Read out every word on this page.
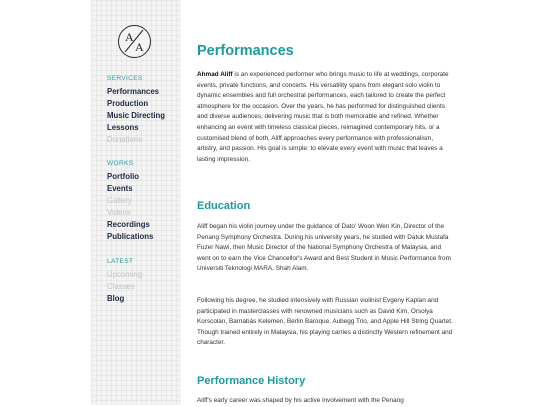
A
A
SERVICES
Performances
Production
Music Directing
Lessons
Donations
WORKS
Portfolio
Events
Gallery
Videos
Recordings
Publications
LATEST
Upcoming
Classes
Blog
Performances

Ahmad Aliff is an experienced performer who brings music to life at weddings, corporate events, private functions, and concerts. His versatility spans from elegant solo violin to dynamic ensembles and full orchestral performances, each tailored to create the perfect atmosphere for the occasion. Over the years, he has performed for distinguished clients and diverse audiences, delivering music that is both memorable and refined. Whether enhancing an event with timeless classical pieces, reimagined contemporary hits, or a customised blend of both, Aliff approaches every performance with professionalism, artistry, and passion. His goal is simple: to elevate every event with music that leaves a lasting impression.

Education

Aliff began his violin journey under the guidance of Dato' Woon Wen Kin, Director of the Penang Symphony Orchestra. During his university years, he studied with Datuk Mustafa Fuzer Nawi, then Music Director of the National Symphony Orchestra of Malaysia, and went on to earn the Vice Chancellor's Award and Best Student in Music Performance from Universiti Teknologi MARA, Shah Alam.

Following his degree, he studied intensively with Russian violinist Evgeny Kaplan and participated in masterclasses with renowned musicians such as David Kim, Orsolya Korscolan, Barnabás Kelemen, Berlin Baroque, Aubegg Trio, and Apple Hill String Quartet. Though trained entirely in Malaysia, his playing carries a distinctly Western refinement and character.

Performance History

Aliff's early career was shaped by his active involvement with the Penang
